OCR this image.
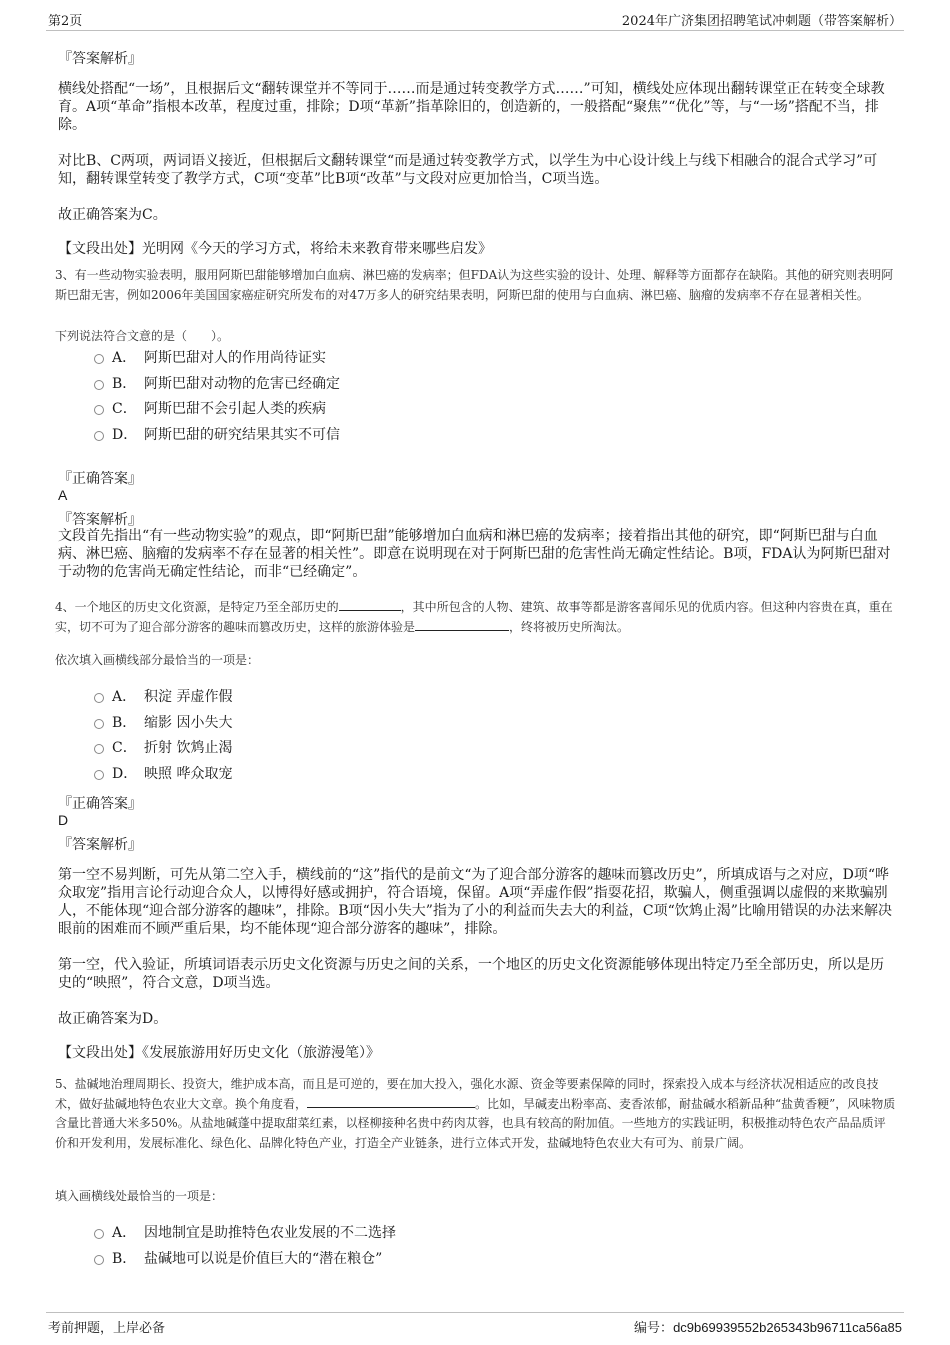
第2页	2024年广济集团招聘笔试冲刺题（带答案解析）
『答案解析』
横线处搭配“一场”，且根据后文“翻转课堂并不等同于……而是通过转变教学方式……”可知，横线处应体现出翻转课堂正在转变全球教育。A项“革命”指根本改革，程度过重，排除；D项“革新”指革除旧的，创造新的，一般搭配“聚焦”“优化”等，与“一场”搭配不当，排除。
对比B、C两项，两词语义接近，但根据后文翻转课堂“而是通过转变教学方式，以学生为中心设计线上与线下相融合的混合式学习”可知，翻转课堂转变了教学方式，C项“变革”比B项“改革”与文段对应更加恰当，C项当选。
故正确答案为C。
【文段出处】光明网《今天的学习方式，将给未来教育带来哪些启发》
3、有一些动物实验表明，服用阿斯巴甜能够增加白血病、淋巴癌的发病率；但FDA认为这些实验的设计、处理、解释等方面都存在缺陷。其他的研究则表明阿斯巴甜无害，例如2006年美国国家癌症研究所发布的对47万多人的研究结果表明，阿斯巴甜的使用与白血病、淋巴癌、脑瘤的发病率不存在显著相关性。
下列说法符合文意的是（　　）。
A． 阿斯巴甜对人的作用尚待证实
B． 阿斯巴甜对动物的危害已经确定
C． 阿斯巴甜不会引起人类的疾病
D． 阿斯巴甜的研究结果其实不可信
『正确答案』
A
『答案解析』
文段首先指出“有一些动物实验”的观点，即“阿斯巴甜”能够增加白血病和淋巴癌的发病率；接着指出其他的研究，即“阿斯巴甜与白血病、淋巴癌、脑瘤的发病率不存在显著的相关性”。即意在说明现在对于阿斯巴甜的危害性尚无确定性结论。B项，FDA认为阿斯巴甜对于动物的危害尚无确定性结论，而非“已经确定”。
4、一个地区的历史文化资源，是特定乃至全部历史的	，其中所包含的人物、建筑、故事等都是游客喜闻乐见的优质内容。但这种内容贵在真，重在实，切不可为了迎合部分游客的趣味而篡改历史，这样的旅游体验是	，终将被历史所淘汰。
依次填入画横线部分最恰当的一项是：
A． 积淀 弄虚作假
B． 缩影 因小失大
C． 折射 饮鸩止渴
D． 映照 哗众取宠
『正确答案』
D
『答案解析』
第一空不易判断，可先从第二空入手，横线前的“这”指代的是前文“为了迎合部分游客的趣味而篡改历史”，所填成语与之对应，D项“哗众取宠”指用言论行动迎合众人，以博得好感或拥护，符合语境，保留。A项“弄虚作假”指耍花招，欺骗人，侧重强调以虚假的来欺骗别人，不能体现“迎合部分游客的趣味”，排除。B项“因小失大”指为了小的利益而失去大的利益，C项“饮鸩止渴”比喻用错误的办法来解决眼前的困难而不顾严重后果，均不能体现“迎合部分游客的趣味”，排除。
第一空，代入验证，所填词语表示历史文化资源与历史之间的关系，一个地区的历史文化资源能够体现出特定乃至全部历史，所以是历史的“映照”，符合文意，D项当选。
故正确答案为D。
【文段出处】《发展旅游用好历史文化（旅游漫笔）》
5、盐碱地治理周期长、投资大，维护成本高，而且是可逆的，要在加大投入，强化水源、资金等要素保障的同时，探索投入成本与经济状况相适应的改良技术，做好盐碱地特色农业大文章。换个角度看，	。比如，旱碱麦出粉率高、麦香浓郁，耐盐碱水稻新品种“盐黄香粳”，风味物质含量比普通大米多50%。从盐地碱蓬中提取甜菜红素，以柽柳接种名贵中药肉苁蓉，也具有较高的附加值。一些地方的实践证明，积极推动特色农产品品质评价和开发利用，发展标准化、绿色化、品牌化特色产业，打造全产业链条，进行立体式开发，盐碱地特色农业大有可为、前景广阔。
填入画横线处最恰当的一项是：
A． 因地制宜是助推特色农业发展的不二选择
B． 盐碱地可以说是价值巨大的“潜在粮仓”
考前押题，上岸必备	编号：dc9b69939552b265343b96711ca56a85
